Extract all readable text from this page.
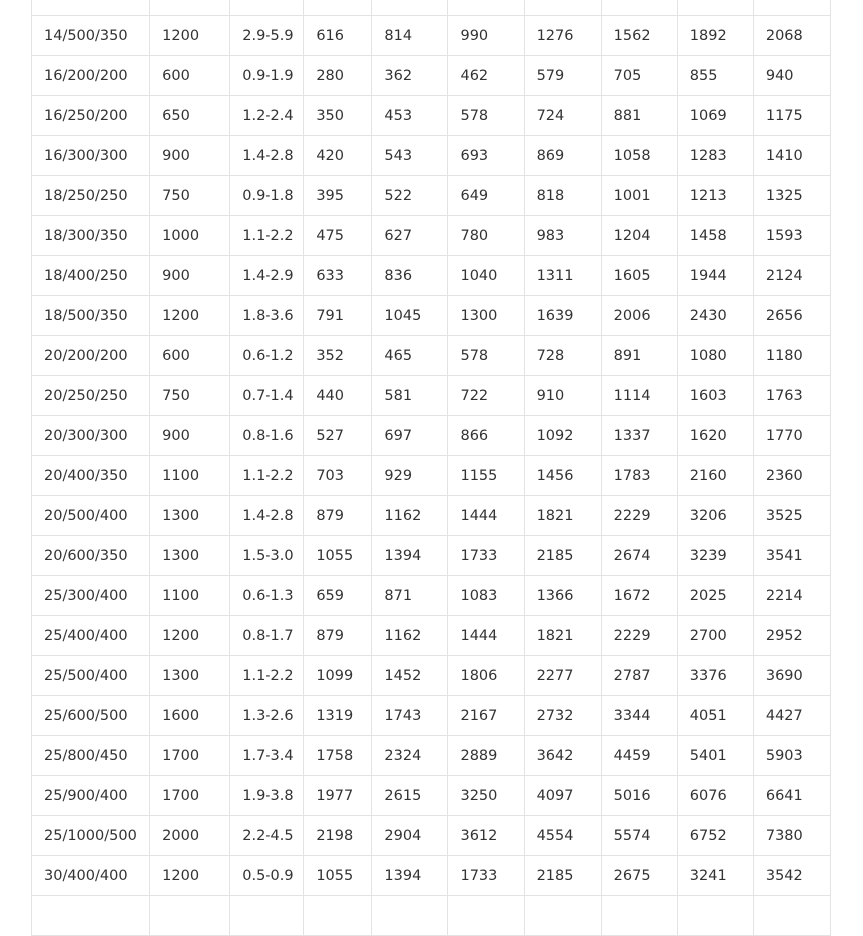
14/500/350	1200	2.9-5.9	616	814	990	1276	1562	1892	2068
16/200/200	600	0.9-1.9	280	362	462	579	705	855	940
16/250/200	650	1.2-2.4	350	453	578	724	881	1069	1175
16/300/300	900	1.4-2.8	420	543	693	869	1058	1283	1410
18/250/250	750	0.9-1.8	395	522	649	818	1001	1213	1325
18/300/350	1000	1.1-2.2	475	627	780	983	1204	1458	1593
18/400/250	900	1.4-2.9	633	836	1040	1311	1605	1944	2124
18/500/350	1200	1.8-3.6	791	1045	1300	1639	2006	2430	2656
20/200/200	600	0.6-1.2	352	465	578	728	891	1080	1180
20/250/250	750	0.7-1.4	440	581	722	910	1114	1603	1763
20/300/300	900	0.8-1.6	527	697	866	1092	1337	1620	1770
20/400/350	1100	1.1-2.2	703	929	1155	1456	1783	2160	2360
20/500/400	1300	1.4-2.8	879	1162	1444	1821	2229	3206	3525
20/600/350	1300	1.5-3.0	1055	1394	1733	2185	2674	3239	3541
25/300/400	1100	0.6-1.3	659	871	1083	1366	1672	2025	2214
25/400/400	1200	0.8-1.7	879	1162	1444	1821	2229	2700	2952
25/500/400	1300	1.1-2.2	1099	1452	1806	2277	2787	3376	3690
25/600/500	1600	1.3-2.6	1319	1743	2167	2732	3344	4051	4427
25/800/450	1700	1.7-3.4	1758	2324	2889	3642	4459	5401	5903
25/900/400	1700	1.9-3.8	1977	2615	3250	4097	5016	6076	6641
25/1000/500	2000	2.2-4.5	2198	2904	3612	4554	5574	6752	7380
30/400/400	1200	0.5-0.9	1055	1394	1733	2185	2675	3241	3542
